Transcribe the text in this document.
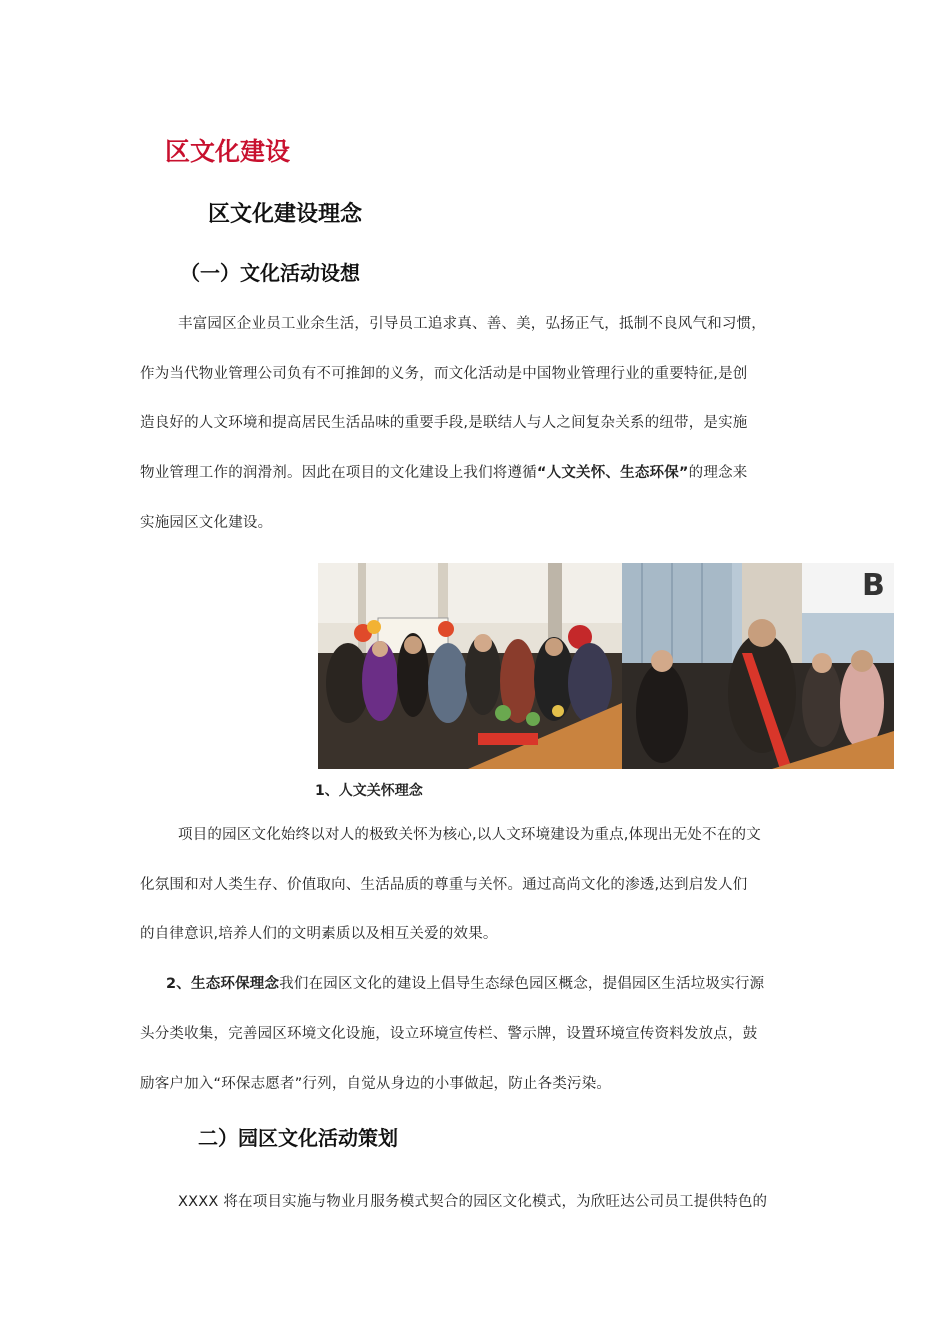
区文化建设
区文化建设理念
（一）文化活动设想
丰富园区企业员工业余生活，引导员工追求真、善、美，弘扬正气，抵制不良风气和习惯，
作为当代物业管理公司负有不可推卸的义务，而文化活动是中国物业管理行业的重要特征,是创
造良好的人文环境和提高居民生活品味的重要手段,是联结人与人之间复杂关系的纽带，是实施
物业管理工作的润滑剂。因此在项目的文化建设上我们将遵循“人文关怀、生态环保”的理念来
实施园区文化建设。
B
1、人文关怀理念
项目的园区文化始终以对人的极致关怀为核心,以人文环境建设为重点,体现出无处不在的文
化氛围和对人类生存、价值取向、生活品质的尊重与关怀。通过高尚文化的渗透,达到启发人们
的自律意识,培养人们的文明素质以及相互关爱的效果。
2、生态环保理念我们在园区文化的建设上倡导生态绿色园区概念，提倡园区生活垃圾实行源
头分类收集，完善园区环境文化设施，设立环境宣传栏、警示牌，设置环境宣传资料发放点，鼓
励客户加入“环保志愿者”行列，自觉从身边的小事做起，防止各类污染。
二）园区文化活动策划
XXXX 将在项目实施与物业月服务模式契合的园区文化模式，为欣旺达公司员工提供特色的
